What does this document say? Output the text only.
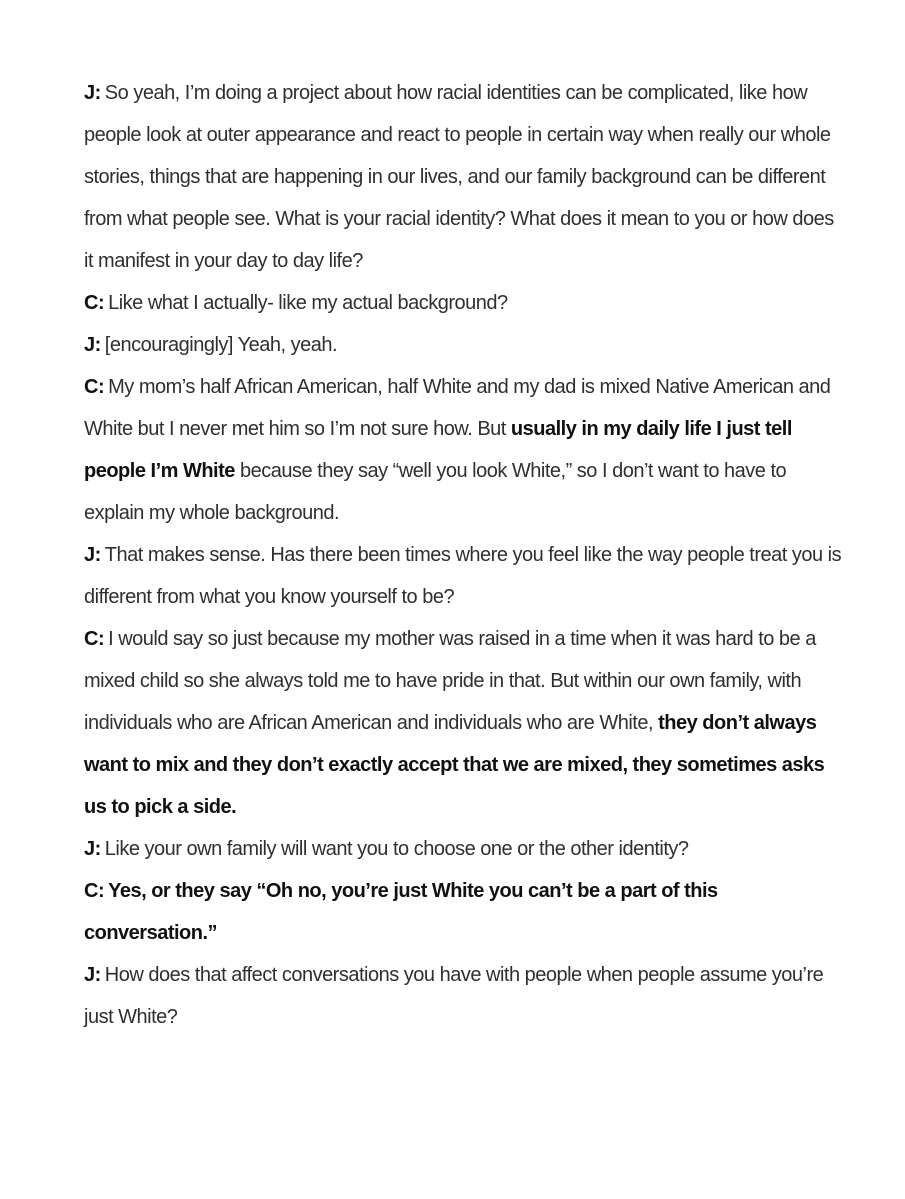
J: So yeah, I’m doing a project about how racial identities can be complicated, like how people look at outer appearance and react to people in certain way when really our whole stories, things that are happening in our lives, and our family background can be different from what people see. What is your racial identity? What does it mean to you or how does it manifest in your day to day life?

C: Like what I actually- like my actual background?

J: [encouragingly] Yeah, yeah.

C: My mom’s half African American, half White and my dad is mixed Native American and White but I never met him so I’m not sure how. But usually in my daily life I just tell people I’m White because they say “well you look White,” so I don’t want to have to explain my whole background.

J: That makes sense. Has there been times where you feel like the way people treat you is different from what you know yourself to be?

C: I would say so just because my mother was raised in a time when it was hard to be a mixed child so she always told me to have pride in that. But within our own family, with individuals who are African American and individuals who are White, they don’t always want to mix and they don’t exactly accept that we are mixed, they sometimes asks us to pick a side.

J: Like your own family will want you to choose one or the other identity?

C: Yes, or they say “Oh no, you’re just White you can’t be a part of this conversation.”

J: How does that affect conversations you have with people when people assume you’re just White?
